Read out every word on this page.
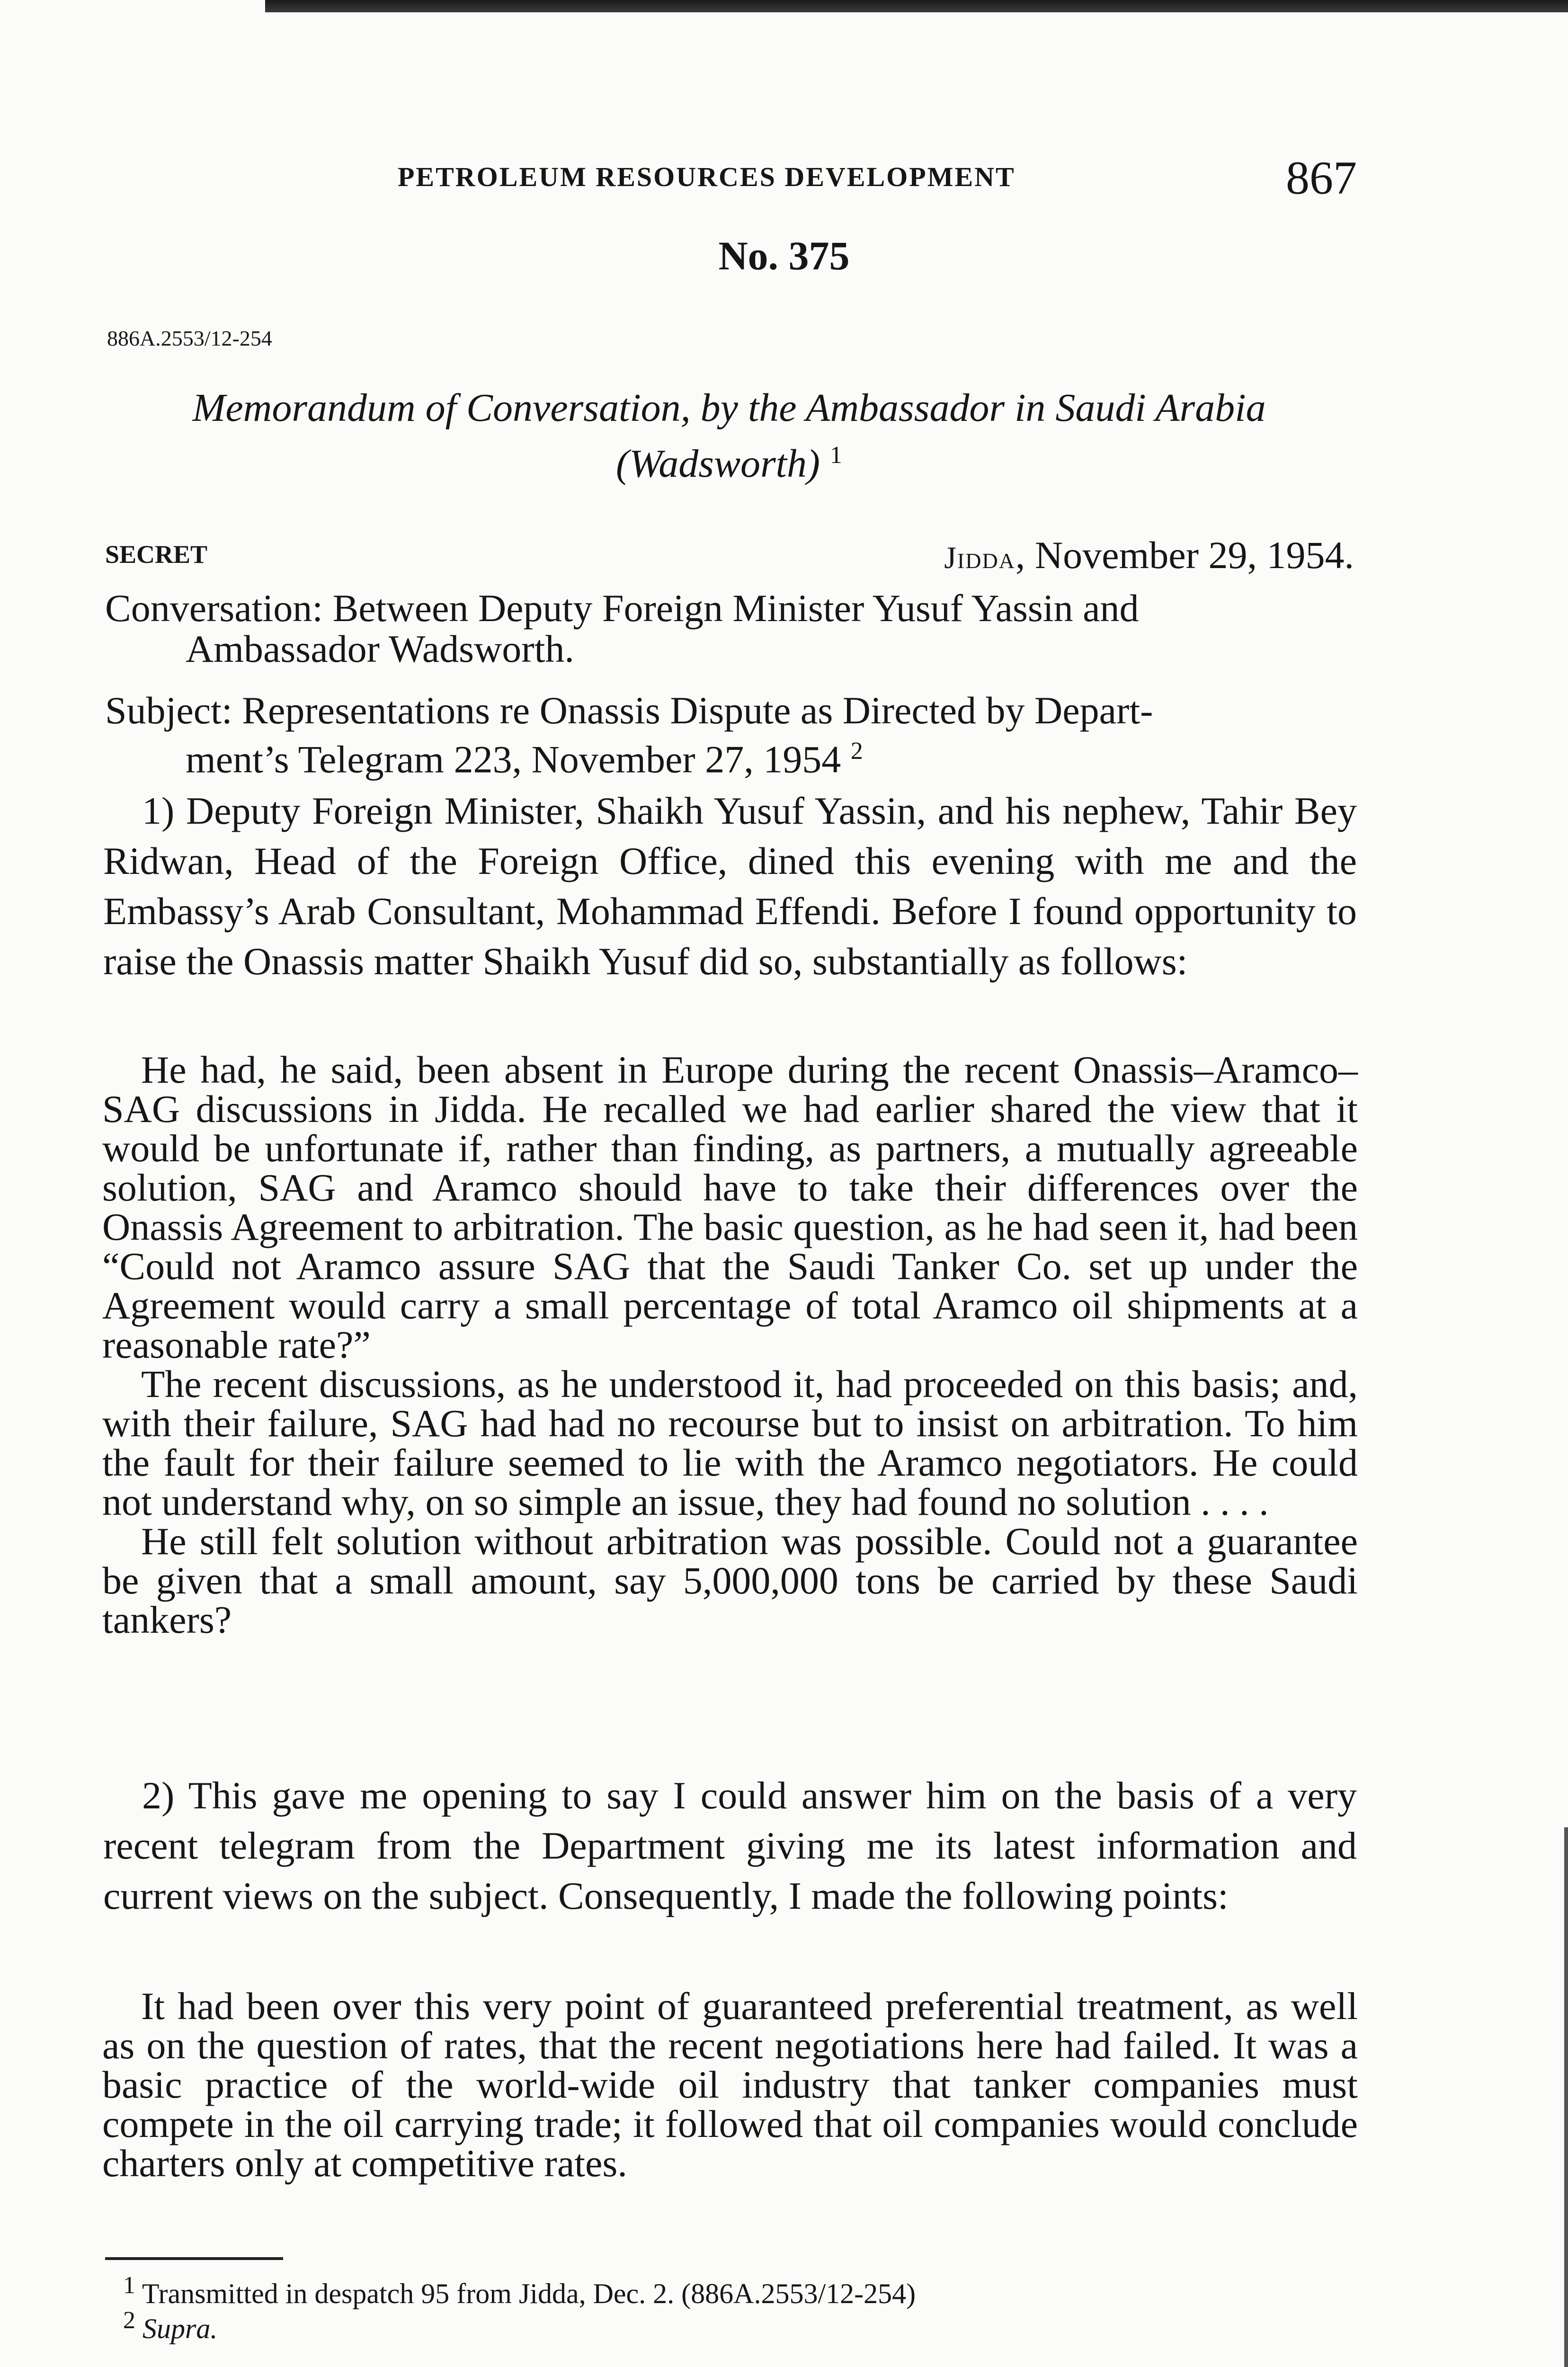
PETROLEUM RESOURCES DEVELOPMENT	867
No. 375
886A.2553/12-254
Memorandum of Conversation, by the Ambassador in Saudi Arabia (Wadsworth) $^1$
SECRET	Jidda, November 29, 1954.
Conversation: Between Deputy Foreign Minister Yusuf Yassin and
Ambassador Wadsworth.
Subject: Representations re Onassis Dispute as Directed by Depart-
ment’s Telegram 223, November 27, 1954 $^2$

1) Deputy Foreign Minister, Shaikh Yusuf Yassin, and his nephew, Tahir Bey Ridwan, Head of the Foreign Office, dined this evening with me and the Embassy’s Arab Consultant, Mohammad Effendi. Before I found opportunity to raise the Onassis matter Shaikh Yusuf did so, substantially as follows:

He had, he said, been absent in Europe during the recent Onassis–Aramco–SAG discussions in Jidda. He recalled we had earlier shared the view that it would be unfortunate if, rather than finding, as partners, a mutually agreeable solution, SAG and Aramco should have to take their differences over the Onassis Agreement to arbitration. The basic question, as he had seen it, had been “Could not Aramco assure SAG that the Saudi Tanker Co. set up under the Agreement would carry a small percentage of total Aramco oil shipments at a reasonable rate?”

The recent discussions, as he understood it, had proceeded on this basis; and, with their failure, SAG had had no recourse but to insist on arbitration. To him the fault for their failure seemed to lie with the Aramco negotiators. He could not understand why, on so simple an issue, they had found no solution . . . .

He still felt solution without arbitration was possible. Could not a guarantee be given that a small amount, say 5,000,000 tons be carried by these Saudi tankers?

2) This gave me opening to say I could answer him on the basis of a very recent telegram from the Department giving me its latest information and current views on the subject. Consequently, I made the following points:

It had been over this very point of guaranteed preferential treatment, as well as on the question of rates, that the recent negotiations here had failed. It was a basic practice of the world-wide oil industry that tanker companies must compete in the oil carrying trade; it followed that oil companies would conclude charters only at competitive rates.

$^1$ Transmitted in despatch 95 from Jidda, Dec. 2. (886A.2553/12-254)
$^2$ Supra.
